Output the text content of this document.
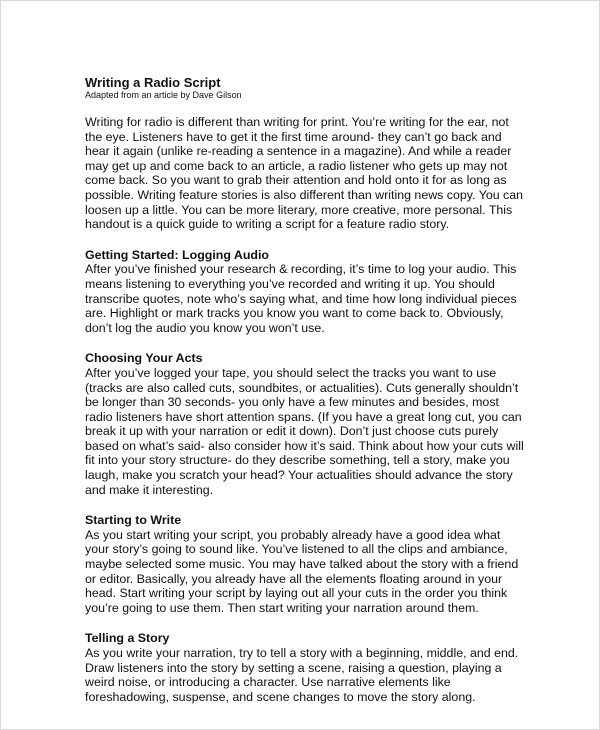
Writing a Radio Script

Adapted from an article by Dave Gilson

Writing for radio is different than writing for print. You’re writing for the ear, not the eye. Listeners have to get it the first time around- they can’t go back and hear it again (unlike re-reading a sentence in a magazine). And while a reader may get up and come back to an article, a radio listener who gets up may not come back. So you want to grab their attention and hold onto it for as long as possible. Writing feature stories is also different than writing news copy. You can loosen up a little. You can be more literary, more creative, more personal. This handout is a quick guide to writing a script for a feature radio story.

Getting Started: Logging Audio

After you’ve finished your research & recording, it’s time to log your audio. This means listening to everything you’ve recorded and writing it up. You should transcribe quotes, note who’s saying what, and time how long individual pieces are. Highlight or mark tracks you know you want to come back to. Obviously, don’t log the audio you know you won’t use.

Choosing Your Acts

After you’ve logged your tape, you should select the tracks you want to use (tracks are also called cuts, soundbites, or actualities). Cuts generally shouldn’t be longer than 30 seconds- you only have a few minutes and besides, most radio listeners have short attention spans. (If you have a great long cut, you can break it up with your narration or edit it down). Don’t just choose cuts purely based on what’s said- also consider how it’s said. Think about how your cuts will fit into your story structure- do they describe something, tell a story, make you laugh, make you scratch your head? Your actualities should advance the story and make it interesting.

Starting to Write

As you start writing your script, you probably already have a good idea what your story’s going to sound like. You’ve listened to all the clips and ambiance, maybe selected some music. You may have talked about the story with a friend or editor. Basically, you already have all the elements floating around in your head. Start writing your script by laying out all your cuts in the order you think you’re going to use them. Then start writing your narration around them.

Telling a Story

As you write your narration, try to tell a story with a beginning, middle, and end. Draw listeners into the story by setting a scene, raising a question, playing a weird noise, or introducing a character. Use narrative elements like foreshadowing, suspense, and scene changes to move the story along.
